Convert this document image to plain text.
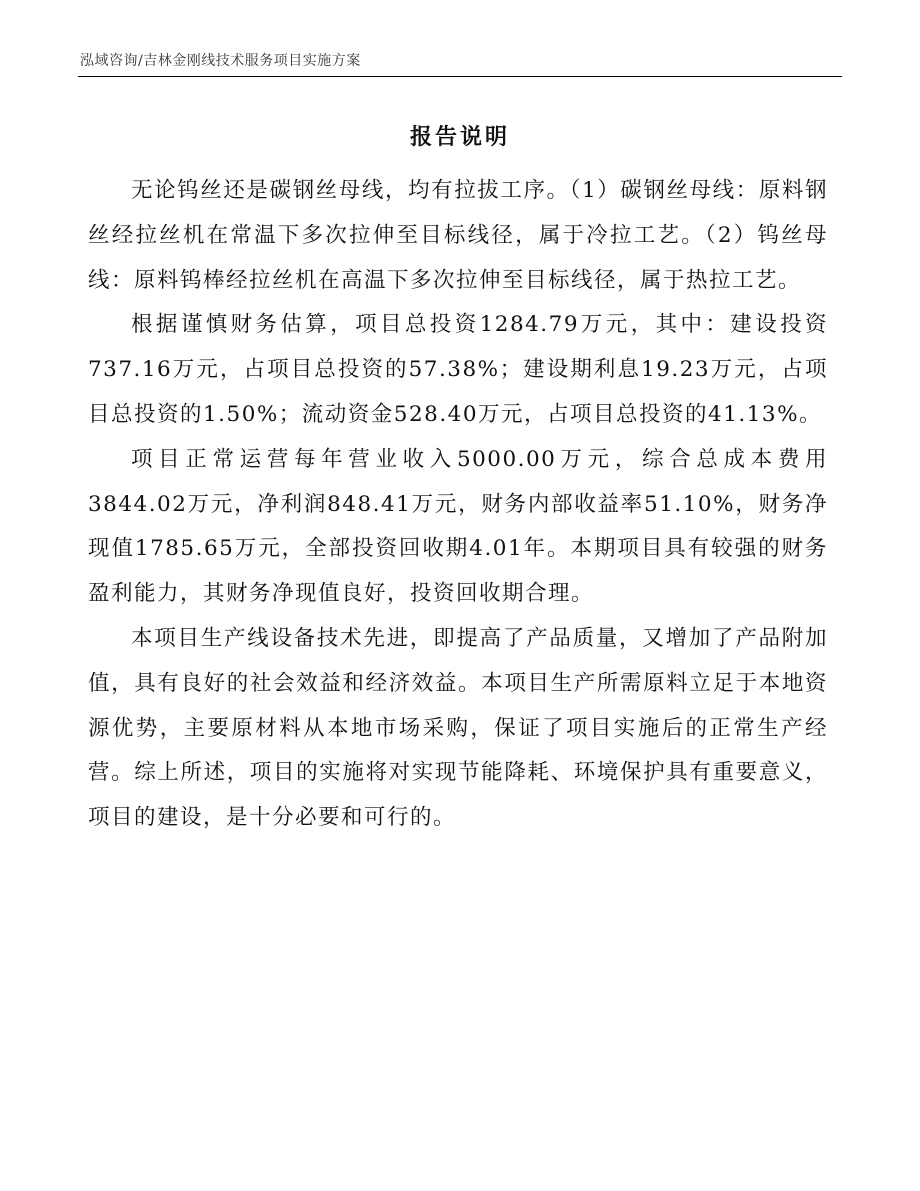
泓域咨询/吉林金刚线技术服务项目实施方案
报告说明

无论钨丝还是碳钢丝母线，均有拉拔工序。（1）碳钢丝母线：原料钢丝经拉丝机在常温下多次拉伸至目标线径，属于冷拉工艺。（2）钨丝母线：原料钨棒经拉丝机在高温下多次拉伸至目标线径，属于热拉工艺。

根据谨慎财务估算，项目总投资1284.79万元，其中：建设投资737.16万元，占项目总投资的57.38%；建设期利息19.23万元，占项目总投资的1.50%；流动资金528.40万元，占项目总投资的41.13%。

项目正常运营每年营业收入5000.00万元，综合总成本费用3844.02万元，净利润848.41万元，财务内部收益率51.10%，财务净现值1785.65万元，全部投资回收期4.01年。本期项目具有较强的财务盈利能力，其财务净现值良好，投资回收期合理。

本项目生产线设备技术先进，即提高了产品质量，又增加了产品附加值，具有良好的社会效益和经济效益。本项目生产所需原料立足于本地资源优势，主要原材料从本地市场采购，保证了项目实施后的正常生产经营。综上所述，项目的实施将对实现节能降耗、环境保护具有重要意义，项目的建设，是十分必要和可行的。
